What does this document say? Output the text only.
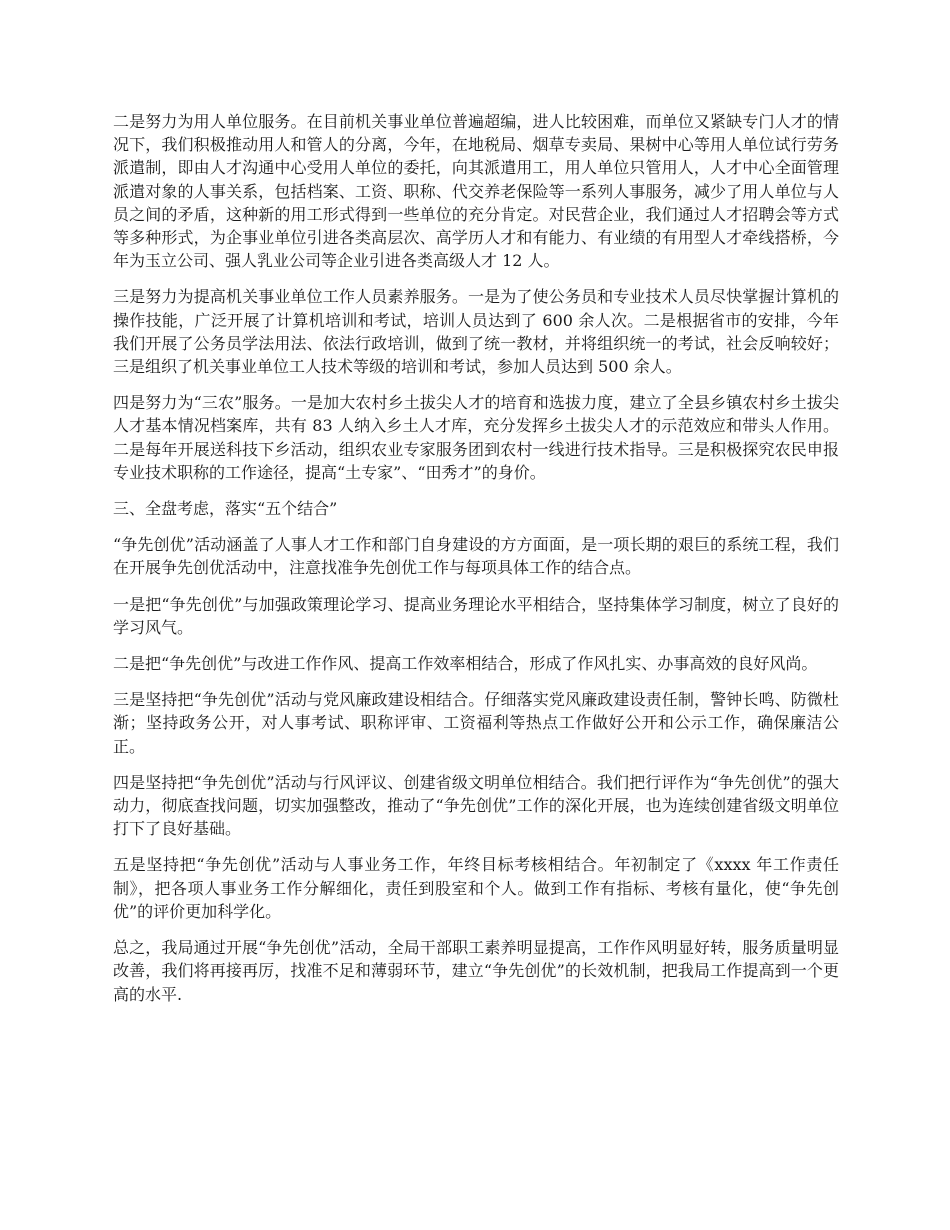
二是努力为用人单位服务。在目前机关事业单位普遍超编，进人比较困难，而单位又紧缺专门人才的情况下，我们积极推动用人和管人的分离，今年，在地税局、烟草专卖局、果树中心等用人单位试行劳务派遣制，即由人才沟通中心受用人单位的委托，向其派遣用工，用人单位只管用人，人才中心全面管理派遣对象的人事关系，包括档案、工资、职称、代交养老保险等一系列人事服务，减少了用人单位与人员之间的矛盾，这种新的用工形式得到一些单位的充分肯定。对民营企业，我们通过人才招聘会等方式等多种形式，为企事业单位引进各类高层次、高学历人才和有能力、有业绩的有用型人才牵线搭桥，今年为玉立公司、强人乳业公司等企业引进各类高级人才 12 人。

三是努力为提高机关事业单位工作人员素养服务。一是为了使公务员和专业技术人员尽快掌握计算机的操作技能，广泛开展了计算机培训和考试，培训人员达到了 600 余人次。二是根据省市的安排，今年我们开展了公务员学法用法、依法行政培训，做到了统一教材，并将组织统一的考试，社会反响较好；三是组织了机关事业单位工人技术等级的培训和考试，参加人员达到 500 余人。

四是努力为“三农”服务。一是加大农村乡土拔尖人才的培育和选拔力度，建立了全县乡镇农村乡土拔尖人才基本情况档案库，共有 83 人纳入乡土人才库，充分发挥乡土拔尖人才的示范效应和带头人作用。二是每年开展送科技下乡活动，组织农业专家服务团到农村一线进行技术指导。三是积极探究农民申报专业技术职称的工作途径，提高“土专家”、“田秀才”的身价。

三、全盘考虑，落实“五个结合”

“争先创优”活动涵盖了人事人才工作和部门自身建设的方方面面，是一项长期的艰巨的系统工程，我们在开展争先创优活动中，注意找准争先创优工作与每项具体工作的结合点。

一是把“争先创优”与加强政策理论学习、提高业务理论水平相结合，坚持集体学习制度，树立了良好的学习风气。

二是把“争先创优”与改进工作作风、提高工作效率相结合，形成了作风扎实、办事高效的良好风尚。

三是坚持把“争先创优”活动与党风廉政建设相结合。仔细落实党风廉政建设责任制，警钟长鸣、防微杜渐；坚持政务公开，对人事考试、职称评审、工资福利等热点工作做好公开和公示工作，确保廉洁公正。

四是坚持把“争先创优”活动与行风评议、创建省级文明单位相结合。我们把行评作为“争先创优”的强大动力，彻底查找问题，切实加强整改，推动了“争先创优”工作的深化开展，也为连续创建省级文明单位打下了良好基础。

五是坚持把“争先创优”活动与人事业务工作，年终目标考核相结合。年初制定了《xxxx 年工作责任制》，把各项人事业务工作分解细化，责任到股室和个人。做到工作有指标、考核有量化，使“争先创优”的评价更加科学化。

总之，我局通过开展“争先创优”活动，全局干部职工素养明显提高，工作作风明显好转，服务质量明显改善，我们将再接再厉，找准不足和薄弱环节，建立“争先创优”的长效机制，把我局工作提高到一个更高的水平.
